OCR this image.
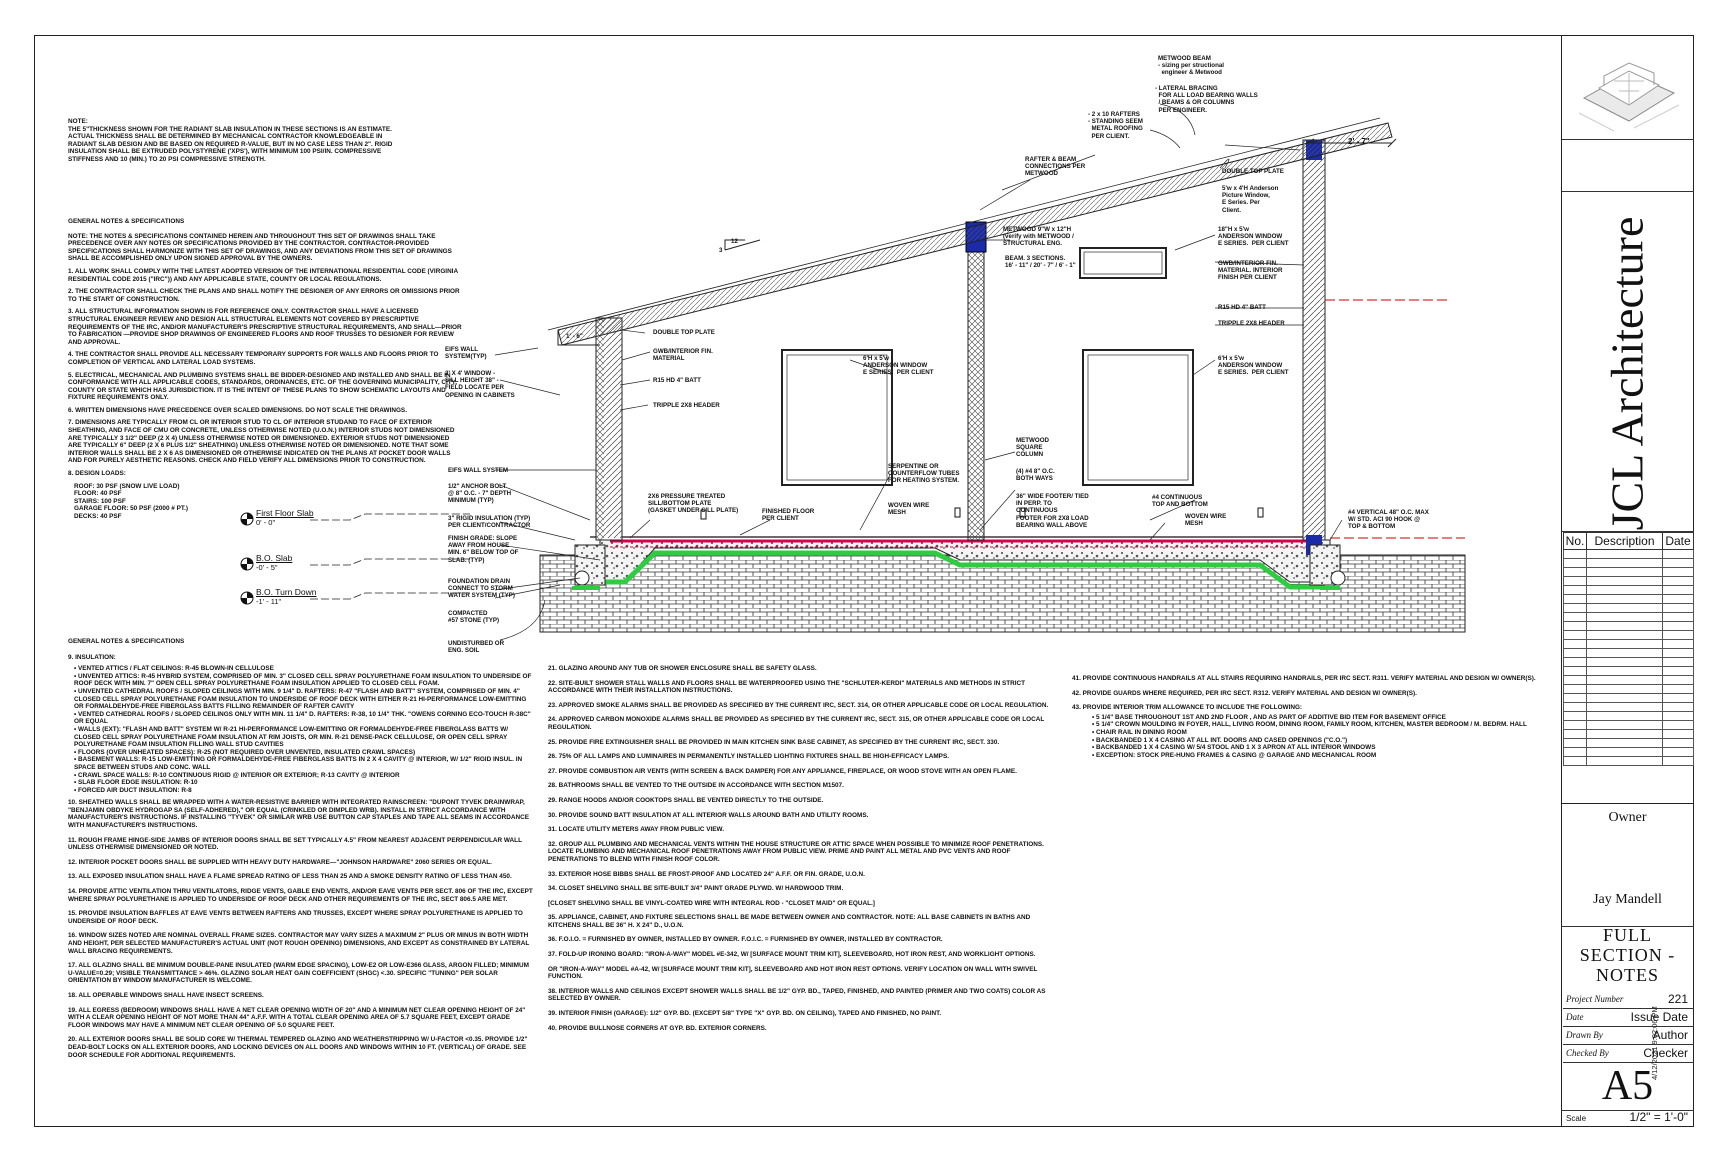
NOTE:
THE 5"THICKNESS SHOWN FOR THE RADIANT SLAB INSULATION IN THESE SECTIONS IS AN ESTIMATE. ACTUAL THICKNESS SHALL BE DETERMINED BY MECHANICAL CONTRACTOR KNOWLEDGEABLE IN RADIANT SLAB DESIGN AND BE BASED ON REQUIRED R-VALUE, BUT IN NO CASE LESS THAN 2". RIGID INSULATION SHALL BE EXTRUDED POLYSTYRENE ('XPS'), WITH MINIMUM 100 PSI/IN. COMPRESSIVE STIFFNESS AND 10 (MIN.) TO 20 PSI COMPRESSIVE STRENGTH.

GENERAL NOTES & SPECIFICATIONS

NOTE: THE NOTES & SPECIFICATIONS CONTAINED HEREIN AND THROUGHOUT THIS SET OF DRAWINGS SHALL TAKE PRECEDENCE OVER ANY NOTES OR SPECIFICATIONS PROVIDED BY THE CONTRACTOR. CONTRACTOR-PROVIDED SPECIFICATIONS SHALL HARMONIZE WITH THIS SET OF DRAWINGS, AND ANY DEVIATIONS FROM THIS SET OF DRAWINGS SHALL BE ACCOMPLISHED ONLY UPON SIGNED APPROVAL BY THE OWNERS.

1. ALL WORK SHALL COMPLY WITH THE LATEST ADOPTED VERSION OF THE INTERNATIONAL RESIDENTIAL CODE (VIRGINIA RESIDENTIAL CODE 2015 ("IRC")) AND ANY APPLICABLE STATE, COUNTY OR LOCAL REGULATIONS.

2. THE CONTRACTOR SHALL CHECK THE PLANS AND SHALL NOTIFY THE DESIGNER OF ANY ERRORS OR OMISSIONS PRIOR TO THE START OF CONSTRUCTION.

3. ALL STRUCTURAL INFORMATION SHOWN IS FOR REFERENCE ONLY. CONTRACTOR SHALL HAVE A LICENSED STRUCTURAL ENGINEER REVIEW AND DESIGN ALL STRUCTURAL ELEMENTS NOT COVERED BY PRESCRIPTIVE REQUIREMENTS OF THE IRC, AND/OR MANUFACTURER'S PRESCRIPTIVE STRUCTURAL REQUIREMENTS, AND SHALL—PRIOR TO FABRICATION —PROVIDE SHOP DRAWINGS OF ENGINEERED FLOORS AND ROOF TRUSSES TO DESIGNER FOR REVIEW AND APPROVAL.

4. THE CONTRACTOR SHALL PROVIDE ALL NECESSARY TEMPORARY SUPPORTS FOR WALLS AND FLOORS PRIOR TO COMPLETION OF VERTICAL AND LATERAL LOAD SYSTEMS.

5. ELECTRICAL, MECHANICAL AND PLUMBING SYSTEMS SHALL BE BIDDER-DESIGNED AND INSTALLED AND SHALL BE IN CONFORMANCE WITH ALL APPLICABLE CODES, STANDARDS, ORDINANCES, ETC. OF THE GOVERNING MUNICIPALITY, CITY, COUNTY OR STATE WHICH HAS JURISDICTION. IT IS THE INTENT OF THESE PLANS TO SHOW SCHEMATIC LAYOUTS AND FIXTURE REQUIREMENTS ONLY.

6. WRITTEN DIMENSIONS HAVE PRECEDENCE OVER SCALED DIMENSIONS. DO NOT SCALE THE DRAWINGS.

7. DIMENSIONS ARE TYPICALLY FROM CL OR INTERIOR STUD TO CL OF INTERIOR STUDAND TO FACE OF EXTERIOR SHEATHING, AND FACE OF CMU OR CONCRETE, UNLESS OTHERWISE NOTED (U.O.N.) INTERIOR STUDS NOT DIMENSIONED ARE TYPICALLY 3 1/2" DEEP (2 X 4) UNLESS OTHERWISE NOTED OR DIMENSIONED. EXTERIOR STUDS NOT DIMENSIONED ARE TYPICALLY 6" DEEP (2 X 6 PLUS 1/2" SHEATHING) UNLESS OTHERWISE NOTED OR DIMENSIONED. NOTE THAT SOME INTERIOR WALLS SHALL BE 2 X 6 AS DIMENSIONED OR OTHERWISE INDICATED ON THE PLANS AT POCKET DOOR WALLS AND FOR PURELY AESTHETIC REASONS. CHECK AND FIELD VERIFY ALL DIMENSIONS PRIOR TO CONSTRUCTION.

8. DESIGN LOADS:

ROOF: 30 PSF (SNOW LIVE LOAD)
FLOOR: 40 PSF
STAIRS: 100 PSF
GARAGE FLOOR: 50 PSF (2000 # PT.)
DECKS: 40 PSF	First Floor Slab
0' - 0"
B.O. Slab
-0' - 5"
B.O. Turn Down
-1' - 11"

GENERAL NOTES & SPECIFICATIONS

9. INSULATION:
• VENTED ATTICS / FLAT CEILINGS: R-45 BLOWN-IN CELLULOSE
• UNVENTED ATTICS: R-45 HYBRID SYSTEM, COMPRISED OF MIN. 3" CLOSED CELL SPRAY POLYURETHANE FOAM INSULATION TO UNDERSIDE OF ROOF DECK WITH MIN. 7" OPEN CELL SPRAY POLYURETHANE FOAM INSULATION APPLIED TO CLOSED CELL FOAM.
• UNVENTED CATHEDRAL ROOFS / SLOPED CEILINGS WITH MIN. 9 1/4" D. RAFTERS: R-47 "FLASH AND BATT" SYSTEM, COMPRISED OF MIN. 4" CLOSED CELL SPRAY POLYURETHANE FOAM INSULATION TO UNDERSIDE OF ROOF DECK WITH EITHER R-21 HI-PERFORMANCE LOW-EMITTING OR FORMALDEHYDE-FREE FIBERGLASS BATTS FILLING REMAINDER OF RAFTER CAVITY
• VENTED CATHEDRAL ROOFS / SLOPED CEILINGS ONLY WITH MIN. 11 1/4" D. RAFTERS: R-38, 10 1/4" THK. "OWENS CORNING ECO-TOUCH R-38C" OR EQUAL
• WALLS (EXT): "FLASH AND BATT" SYSTEM W/ R-21 HI-PERFORMANCE LOW-EMITTING OR FORMALDEHYDE-FREE FIBERGLASS BATTS W/ CLOSED CELL SPRAY POLYURETHANE FOAM INSULATION AT RIM JOISTS, OR MIN. R-21 DENSE-PACK CELLULOSE, OR OPEN CELL SPRAY POLYURETHANE FOAM INSULATION FILLING WALL STUD CAVITIES
• FLOORS (OVER UNHEATED SPACES): R-25 (NOT REQUIRED OVER UNVENTED, INSULATED CRAWL SPACES)
• BASEMENT WALLS: R-15 LOW-EMITTING OR FORMALDEHYDE-FREE FIBERGLASS BATTS IN 2 X 4 CAVITY @ INTERIOR, W/ 1/2" RIGID INSUL. IN SPACE BETWEEN STUDS AND CONC. WALL
• CRAWL SPACE WALLS: R-10 CONTINUOUS RIGID @ INTERIOR OR EXTERIOR; R-13 CAVITY @ INTERIOR
• SLAB FLOOR EDGE INSULATION: R-10
• FORCED AIR DUCT INSULATION: R-8

10. SHEATHED WALLS SHALL BE WRAPPED WITH A WATER-RESISTIVE BARRIER WITH INTEGRATED RAINSCREEN: "DUPONT TYVEK DRAINWRAP, "BENJAMIN OBDYKE HYDROGAP SA (SELF-ADHERED)," OR EQUAL (CRINKLED OR DIMPLED WRB). INSTALL IN STRICT ACCORDANCE WITH MANUFACTURER'S INSTRUCTIONS. IF INSTALLING "TYVEK" OR SIMILAR WRB USE BUTTON CAP STAPLES AND TAPE ALL SEAMS IN ACCORDANCE WITH MANUFACTURER'S INSTRUCTIONS.

11. ROUGH FRAME HINGE-SIDE JAMBS OF INTERIOR DOORS SHALL BE SET TYPICALLY 4.5" FROM NEAREST ADJACENT PERPENDICULAR WALL UNLESS OTHERWISE DIMENSIONED OR NOTED.

12. INTERIOR POCKET DOORS SHALL BE SUPPLIED WITH HEAVY DUTY HARDWARE—"JOHNSON HARDWARE" 2060 SERIES OR EQUAL.

13. ALL EXPOSED INSULATION SHALL HAVE A FLAME SPREAD RATING OF LESS THAN 25 AND A SMOKE DENSITY RATING OF LESS THAN 450.

14. PROVIDE ATTIC VENTILATION THRU VENTILATORS, RIDGE VENTS, GABLE END VENTS, AND/OR EAVE VENTS PER SECT. 806 OF THE IRC, EXCEPT WHERE SPRAY POLYURETHANE IS APPLIED TO UNDERSIDE OF ROOF DECK AND OTHER REQUIREMENTS OF THE IRC, SECT 806.5 ARE MET.

15. PROVIDE INSULATION BAFFLES AT EAVE VENTS BETWEEN RAFTERS AND TRUSSES, EXCEPT WHERE SPRAY POLYURETHANE IS APPLIED TO UNDERSIDE OF ROOF DECK.

16. WINDOW SIZES NOTED ARE NOMINAL OVERALL FRAME SIZES. CONTRACTOR MAY VARY SIZES A MAXIMUM 2" PLUS OR MINUS IN BOTH WIDTH AND HEIGHT, PER SELECTED MANUFACTURER'S ACTUAL UNIT (NOT ROUGH OPENING) DIMENSIONS, AND EXCEPT AS CONSTRAINED BY LATERAL WALL BRACING REQUIREMENTS.

17. ALL GLAZING SHALL BE MINIMUM DOUBLE-PANE INSULATED (WARM EDGE SPACING), LOW-E2 OR LOW-E366 GLASS, ARGON FILLED; MINIMUM U-VALUE=0.29; VISIBLE TRANSMITTANCE > 46%. GLAZING SOLAR HEAT GAIN COEFFICIENT (SHGC) <.30. SPECIFIC "TUNING" PER SOLAR ORIENTATION BY WINDOW MANUFACTURER IS WELCOME.

18. ALL OPERABLE WINDOWS SHALL HAVE INSECT SCREENS.

19. ALL EGRESS (BEDROOM) WINDOWS SHALL HAVE A NET CLEAR OPENING WIDTH OF 20" AND A MINIMUM NET CLEAR OPENING HEIGHT OF 24" WITH A CLEAR OPENING HEIGHT OF NOT MORE THAN 44" A.F.F. WITH A TOTAL CLEAR OPENING AREA OF 5.7 SQUARE FEET, EXCEPT GRADE FLOOR WINDOWS MAY HAVE A MINIMUM NET CLEAR OPENING OF 5.0 SQUARE FEET.

20. ALL EXTERIOR DOORS SHALL BE SOLID CORE W/ THERMAL TEMPERED GLAZING AND WEATHERSTRIPPING W/ U-FACTOR <0.35. PROVIDE 1/2" DEAD-BOLT LOCKS ON ALL EXTERIOR DOORS, AND LOCKING DEVICES ON ALL DOORS AND WINDOWS WITHIN 10 FT. (VERTICAL) OF GRADE. SEE DOOR SCHEDULE FOR ADDITIONAL REQUIREMENTS.

21. GLAZING AROUND ANY TUB OR SHOWER ENCLOSURE SHALL BE SAFETY GLASS.

22. SITE-BUILT SHOWER STALL WALLS AND FLOORS SHALL BE WATERPROOFED USING THE "SCHLUTER-KERDI" MATERIALS AND METHODS IN STRICT ACCORDANCE WITH THEIR INSTALLATION INSTRUCTIONS.

23. APPROVED SMOKE ALARMS SHALL BE PROVIDED AS SPECIFIED BY THE CURRENT IRC, SECT. 314, OR OTHER APPLICABLE CODE OR LOCAL REGULATION.

24. APPROVED CARBON MONOXIDE ALARMS SHALL BE PROVIDED AS SPECIFIED BY THE CURRENT IRC, SECT. 315, OR OTHER APPLICABLE CODE OR LOCAL REGULATION.

25. PROVIDE FIRE EXTINGUISHER SHALL BE PROVIDED IN MAIN KITCHEN SINK BASE CABINET, AS SPECIFIED BY THE CURRENT IRC, SECT. 330.

26. 75% OF ALL LAMPS AND LUMINAIRES IN PERMANENTLY INSTALLED LIGHTING FIXTURES SHALL BE HIGH-EFFICACY LAMPS.

27. PROVIDE COMBUSTION AIR VENTS (WITH SCREEN & BACK DAMPER) FOR ANY APPLIANCE, FIREPLACE, OR WOOD STOVE WITH AN OPEN FLAME.

28. BATHROOMS SHALL BE VENTED TO THE OUTSIDE IN ACCORDANCE WITH SECTION M1507.

29. RANGE HOODS AND/OR COOKTOPS SHALL BE VENTED DIRECTLY TO THE OUTSIDE.

30. PROVIDE SOUND BATT INSULATION AT ALL INTERIOR WALLS AROUND BATH AND UTILITY ROOMS.

31. LOCATE UTILITY METERS AWAY FROM PUBLIC VIEW.

32. GROUP ALL PLUMBING AND MECHANICAL VENTS WITHIN THE HOUSE STRUCTURE OR ATTIC SPACE WHEN POSSIBLE TO MINIMIZE ROOF PENETRATIONS. LOCATE PLUMBING AND MECHANICAL ROOF PENETRATIONS AWAY FROM PUBLIC VIEW. PRIME AND PAINT ALL METAL AND PVC VENTS AND ROOF PENETRATIONS TO BLEND WITH FINISH ROOF COLOR.

33. EXTERIOR HOSE BIBBS SHALL BE FROST-PROOF AND LOCATED 24" A.F.F. OR FIN. GRADE, U.O.N.

34. CLOSET SHELVING SHALL BE SITE-BUILT 3/4" PAINT GRADE PLYWD. W/ HARDWOOD TRIM.

[CLOSET SHELVING SHALL BE VINYL-COATED WIRE WITH INTEGRAL ROD - "CLOSET MAID" OR EQUAL.]

35. APPLIANCE, CABINET, AND FIXTURE SELECTIONS SHALL BE MADE BETWEEN OWNER AND CONTRACTOR. NOTE: ALL BASE CABINETS IN BATHS AND KITCHENS SHALL BE 36" H. X 24" D., U.O.N.

36. F.O.I.O. = FURNISHED BY OWNER, INSTALLED BY OWNER. F.O.I.C. = FURNISHED BY OWNER, INSTALLED BY CONTRACTOR.

37. FOLD-UP IRONING BOARD: "IRON-A-WAY" MODEL #E-342, W/ [SURFACE MOUNT TRIM KIT], SLEEVEBOARD, HOT IRON REST, AND WORKLIGHT OPTIONS.

OR "IRON-A-WAY" MODEL #A-42, W/ [SURFACE MOUNT TRIM KIT], SLEEVEBOARD AND HOT IRON REST OPTIONS. VERIFY LOCATION ON WALL WITH SWIVEL FUNCTION.

38. INTERIOR WALLS AND CEILINGS EXCEPT SHOWER WALLS SHALL BE 1/2" GYP. BD., TAPED, FINISHED, AND PAINTED (PRIMER AND TWO COATS) COLOR AS SELECTED BY OWNER.

39. INTERIOR FINISH (GARAGE): 1/2" GYP. BD. (EXCEPT 5/8" TYPE "X" GYP. BD. ON CEILING), TAPED AND FINISHED, NO PAINT.

40. PROVIDE BULLNOSE CORNERS AT GYP. BD. EXTERIOR CORNERS.

41. PROVIDE CONTINUOUS HANDRAILS AT ALL STAIRS REQUIRING HANDRAILS, PER IRC SECT. R311. VERIFY MATERIAL AND DESIGN W/ OWNER(S).

42. PROVIDE GUARDS WHERE REQUIRED, PER IRC SECT. R312. VERIFY MATERIAL AND DESIGN W/ OWNER(S).

43. PROVIDE INTERIOR TRIM ALLOWANCE TO INCLUDE THE FOLLOWING:

• 5 1/4" BASE THROUGHOUT 1ST AND 2ND FLOOR , AND AS PART OF ADDITIVE BID ITEM FOR BASEMENT OFFICE
• 5 1/4" CROWN MOULDING IN FOYER, HALL, LIVING ROOM, DINING ROOM, FAMILY ROOM, KITCHEN, MASTER BEDROOM / M. BEDRM. HALL
• CHAIR RAIL IN DINING ROOM
• BACKBANDED 1 X 4 CASING AT ALL INT. DOORS AND CASED OPENINGS ("C.O.")
• BACKBANDED 1 X 4 CASING W/ 5/4 STOOL AND 1 X 3 APRON AT ALL INTERIOR WINDOWS
• EXCEPTION: STOCK PRE-HUNG FRAMES & CASING @ GARAGE AND MECHANICAL ROOM
METWOOD BEAM
- sizing per structional
engineer & Metwood
- LATERAL BRACING
FOR ALL LOAD BEARING WALLS
/ BEAMS & OR COLUMNS
PER ENGINEER.
- 2 x 10 RAFTERS
- STANDING SEEM
METAL ROOFING
PER CLIENT.
RAFTER & BEAM
CONNECTIONS PER
METWOOD
2' - 7"
DOUBLE TOP PLATE
5'w x 4'H Anderson
Picture Window,
E Series. Per
Client.
METWOOD 9"W x 12"H
(verify with METWOOD /
STRUCTURAL ENG.
BEAM. 3 SECTIONS.
16' - 11" / 20' - 7" / 6' - 1"
18"H x 5'w
ANDERSON WINDOW
E SERIES.  PER CLIENT
GWB/INTERIOR FIN.
MATERIAL. INTERIOR
FINISH PER CLIENT
R15 HD 4" BATT
TRIPPLE 2X8 HEADER
12
3
1' - 6"
DOUBLE TOP PLATE
EIFS WALL
SYSTEM(TYP)
GWB/INTERIOR FIN.
MATERIAL
2' X 4' WINDOW -
SILL HEIGHT 38" -
FIELD LOCATE PER
OPENING IN CABINETS
R15 HD 4" BATT
TRIPPLE 2X8 HEADER
6'H x 5'w
ANDERSON WINDOW
E SERIES.  PER CLIENT
6'H x 5'w
ANDERSON WINDOW
E SERIES.  PER CLIENT
METWOOD
SQUARE
COLUMN
EIFS WALL SYSTEM
1/2" ANCHOR BOLT
@ 8" O.C. - 7" DEPTH
MINIMUM (TYP)
2X6 PRESSURE TREATED
SILL/BOTTOM PLATE
(GASKET UNDER SILL PLATE)
SERPENTINE OR
COUNTERFLOW TUBES
FOR HEATING SYSTEM.
(4) #4 8" O.C.
BOTH WAYS
36" WIDE FOOTER/ TIED
IN PERP. TO
CONTINUOUS
FOOTER FOR 2X8 LOAD
BEARING WALL ABOVE
#4 CONTINUOUS
TOP AND BOTTOM
FINISHED FLOOR
PER CLIENT
WOVEN WIRE
MESH
WOVEN WIRE
MESH
3" RIGID INSULATION (TYP)
PER CLIENT/CONTRACTOR
#4 VERTICAL 48" O.C. MAX
W/ STD. ACI 90 HOOK @
TOP & BOTTOM
FINISH GRADE: SLOPE
AWAY FROM HOUSE
MIN. 6" BELOW TOP OF
SLAB. (TYP)
FOUNDATION DRAIN
CONNECT TO STORM
WATER SYSTEM (TYP)
COMPACTED
#57 STONE (TYP)
UNDISTURBED OR
ENG. SOIL
JCL Architecture
No.	Description	Date

Owner
Jay Mandell
FULL
SECTION -
NOTES
Project Number	221
Date	Issue Date
Drawn By	Author
Checked By	Checker
A5
Scale	1/2" = 1'-0"
4/12/2021 9:02:06 PM
